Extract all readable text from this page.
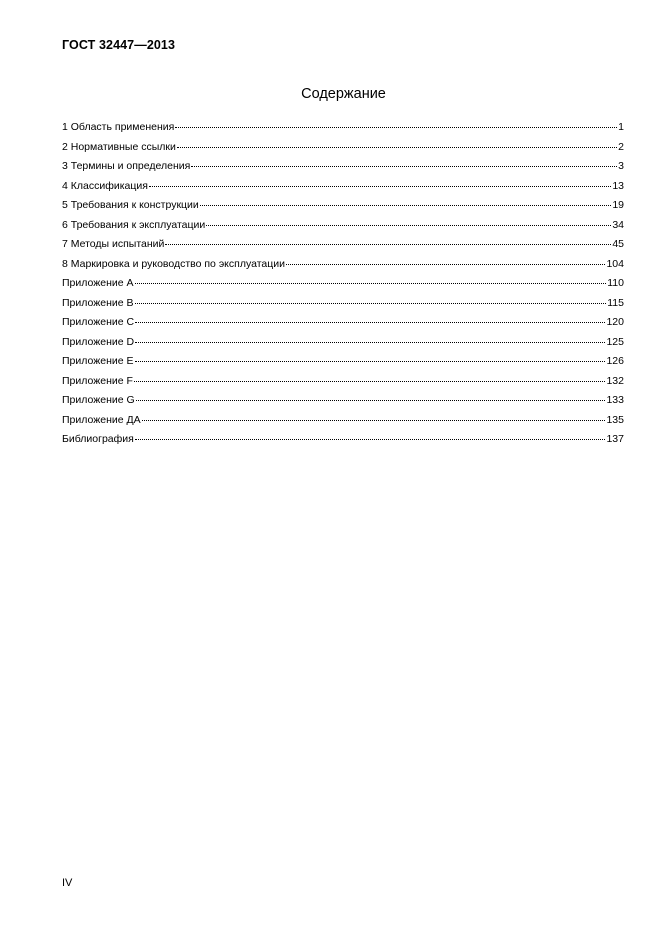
ГОСТ 32447—2013
Содержание
1 Область применения	1
2 Нормативные ссылки	2
3 Термины и определения	3
4 Классификация	13
5 Требования к конструкции	19
6 Требования к эксплуатации	34
7 Методы испытаний	45
8 Маркировка и руководство по эксплуатации	104
Приложение А	110
Приложение В	115
Приложение С	120
Приложение D	125
Приложение Е	126
Приложение F	132
Приложение G	133
Приложение ДА	135
Библиография	137
IV
